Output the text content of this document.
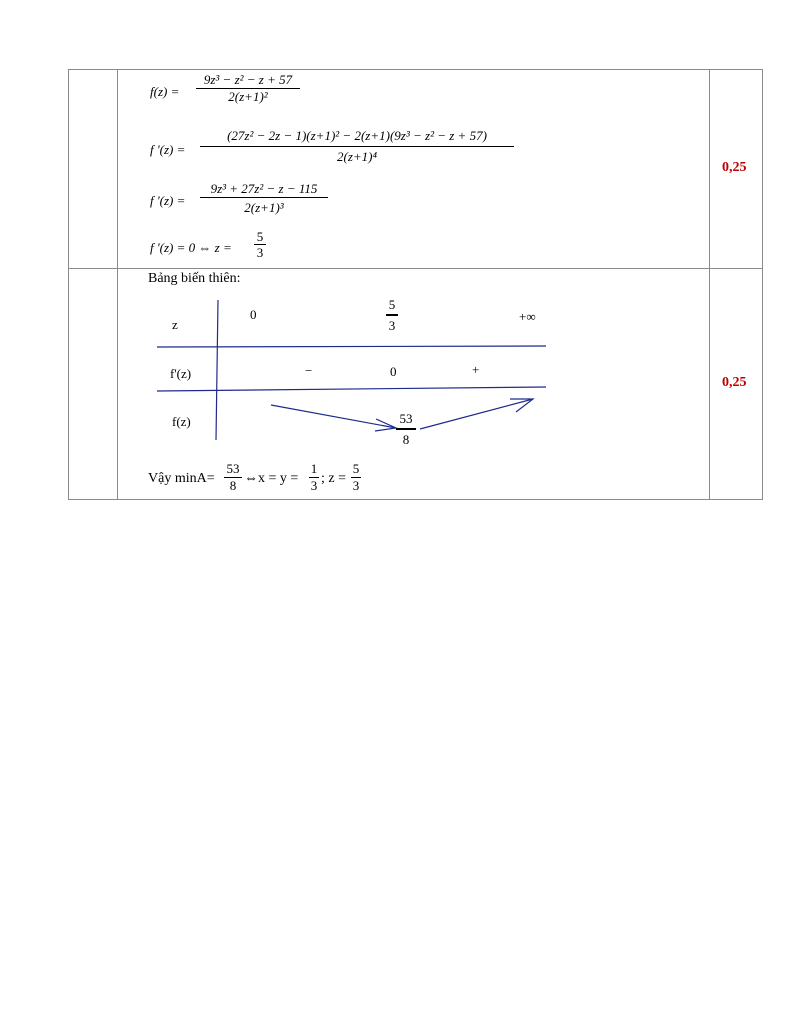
f(z) =
9z³ − z² − z + 57
2(z+1)²
f '(z) =
(27z² − 2z − 1)(z+1)² − 2(z+1)(9z³ − z² − z + 57)
2(z+1)⁴
f '(z) =
9z³ + 27z² − z − 115
2(z+1)³
f '(z) = 0 ⇔ z =
5
3
0,25
Bảng biến thiên:
z
f'(z)
f(z)
0
5
3
+∞
−	0	+
53
8
Vậy minA=
53
8 ⇔x = y =
1
3 ; z =
5
3
0,25
